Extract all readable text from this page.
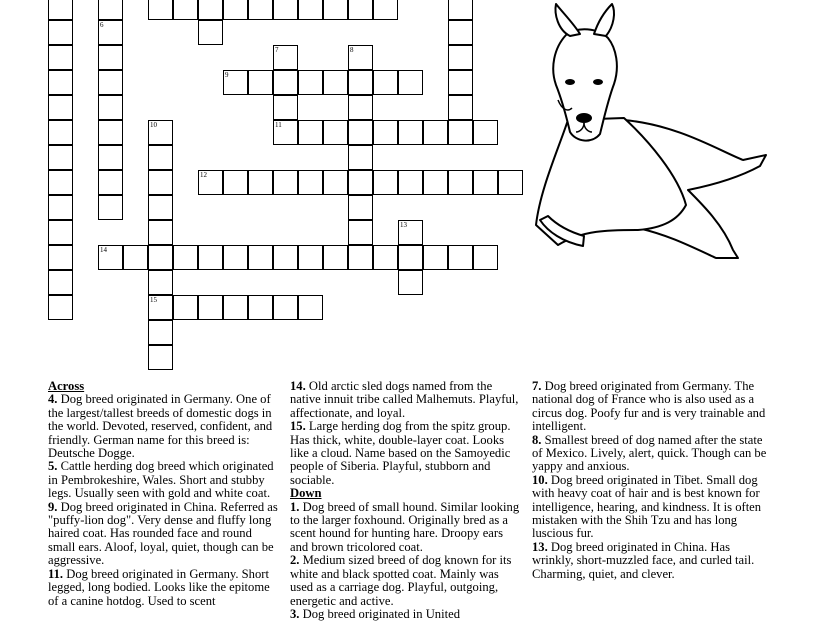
6
7	8
9
10	11
12
13
14
15
Across

4. Dog breed originated in Germany. One of the largest/tallest breeds of domestic dogs in the world. Devoted, reserved, confident, and friendly. German name for this breed is: Deutsche Dogge.

5. Cattle herding dog breed which originated in Pembrokeshire, Wales. Short and stubby legs. Usually seen with gold and white coat.

9. Dog breed originated in China. Referred as "puffy-lion dog". Very dense and fluffy long haired coat. Has rounded face and round small ears. Aloof, loyal, quiet, though can be aggressive.

11. Dog breed originated in Germany. Short legged, long bodied. Looks like the epitome of a canine hotdog. Used to scent

14. Old arctic sled dogs named from the native innuit tribe called Malhemuts. Playful, affectionate, and loyal.

15. Large herding dog from the spitz group. Has thick, white, double-layer coat. Looks like a cloud. Name based on the Samoyedic people of Siberia. Playful, stubborn and sociable.

Down

1. Dog breed of small hound. Similar looking to the larger foxhound. Originally bred as a scent hound for hunting hare. Droopy ears and brown tricolored coat.

2. Medium sized breed of dog known for its white and black spotted coat. Mainly was used as a carriage dog. Playful, outgoing, energetic and active.

3. Dog breed originated in United

7. Dog breed originated from Germany. The national dog of France who is also used as a circus dog. Poofy fur and is very trainable and intelligent.

8. Smallest breed of dog named after the state of Mexico. Lively, alert, quick. Though can be yappy and anxious.

10. Dog breed originated in Tibet. Small dog with heavy coat of hair and is best known for intelligence, hearing, and kindness. It is often mistaken with the Shih Tzu and has long luscious fur.

13. Dog breed originated in China. Has wrinkly, short-muzzled face, and curled tail. Charming, quiet, and clever.
